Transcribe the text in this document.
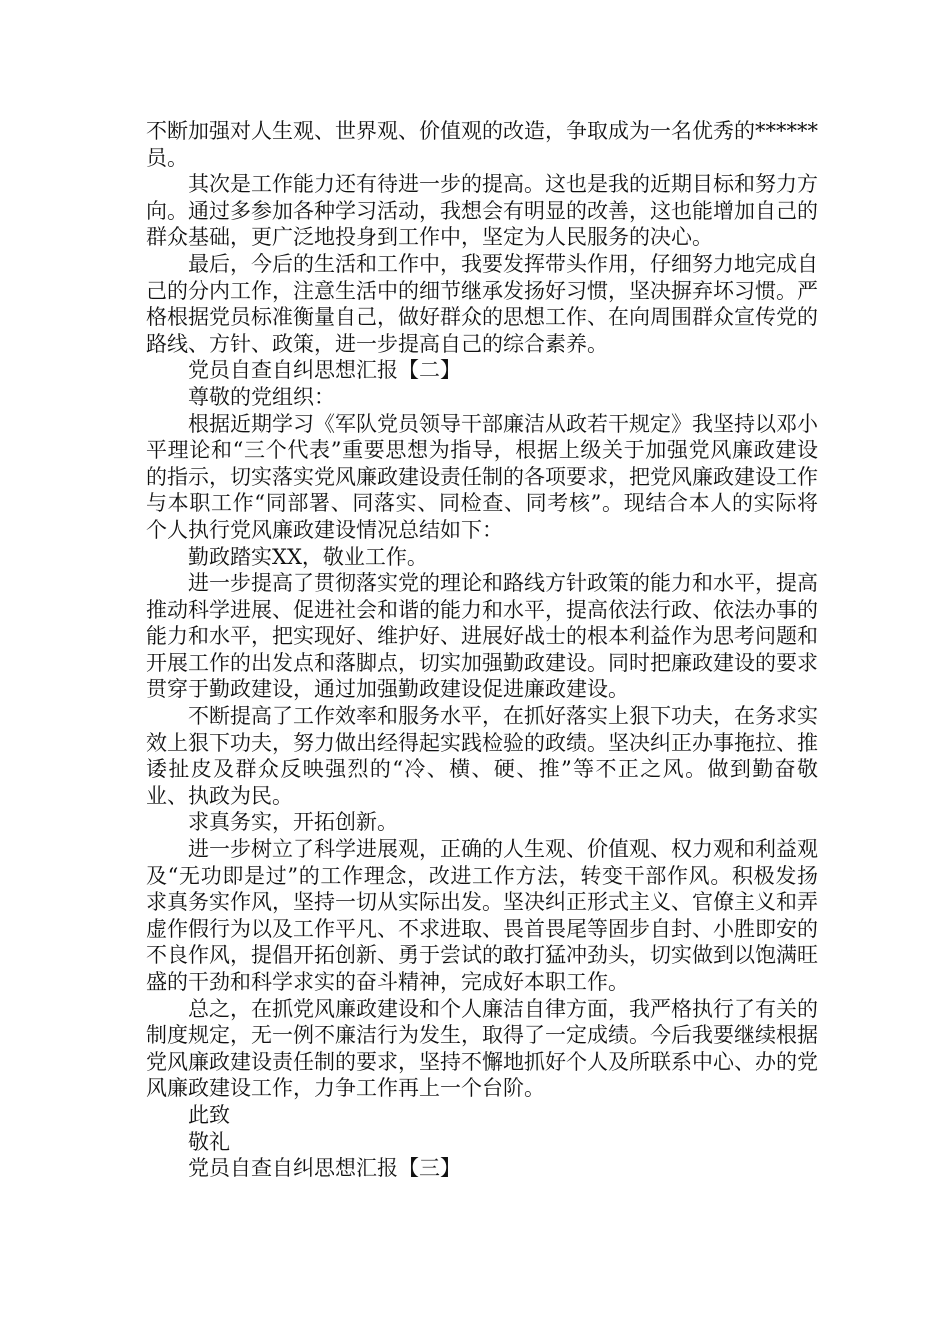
不断加强对人生观、世界观、价值观的改造，争取成为一名优秀的******员。

其次是工作能力还有待进一步的提高。这也是我的近期目标和努力方向。通过多参加各种学习活动，我想会有明显的改善，这也能增加自己的群众基础，更广泛地投身到工作中，坚定为人民服务的决心。

最后，今后的生活和工作中，我要发挥带头作用，仔细努力地完成自己的分内工作，注意生活中的细节继承发扬好习惯，坚决摒弃坏习惯。严格根据党员标准衡量自己，做好群众的思想工作、在向周围群众宣传党的路线、方针、政策，进一步提高自己的综合素养。

党员自查自纠思想汇报【二】

尊敬的党组织：

根据近期学习《军队党员领导干部廉洁从政若干规定》我坚持以邓小平理论和“三个代表”重要思想为指导，根据上级关于加强党风廉政建设的指示，切实落实党风廉政建设责任制的各项要求，把党风廉政建设工作与本职工作“同部署、同落实、同检查、同考核”。现结合本人的实际将个人执行党风廉政建设情况总结如下：

勤政踏实XX，敬业工作。

进一步提高了贯彻落实党的理论和路线方针政策的能力和水平，提高推动科学进展、促进社会和谐的能力和水平，提高依法行政、依法办事的能力和水平，把实现好、维护好、进展好战士的根本利益作为思考问题和开展工作的出发点和落脚点，切实加强勤政建设。同时把廉政建设的要求贯穿于勤政建设，通过加强勤政建设促进廉政建设。

不断提高了工作效率和服务水平，在抓好落实上狠下功夫，在务求实效上狠下功夫，努力做出经得起实践检验的政绩。坚决纠正办事拖拉、推诿扯皮及群众反映强烈的“冷、横、硬、推”等不正之风。做到勤奋敬业、执政为民。

求真务实，开拓创新。

进一步树立了科学进展观，正确的人生观、价值观、权力观和利益观及“无功即是过”的工作理念，改进工作方法，转变干部作风。积极发扬求真务实作风，坚持一切从实际出发。坚决纠正形式主义、官僚主义和弄虚作假行为以及工作平凡、不求进取、畏首畏尾等固步自封、小胜即安的不良作风，提倡开拓创新、勇于尝试的敢打猛冲劲头，切实做到以饱满旺盛的干劲和科学求实的奋斗精神，完成好本职工作。

总之，在抓党风廉政建设和个人廉洁自律方面，我严格执行了有关的制度规定，无一例不廉洁行为发生，取得了一定成绩。今后我要继续根据党风廉政建设责任制的要求，坚持不懈地抓好个人及所联系中心、办的党风廉政建设工作，力争工作再上一个台阶。

此致

敬礼

党员自查自纠思想汇报【三】
